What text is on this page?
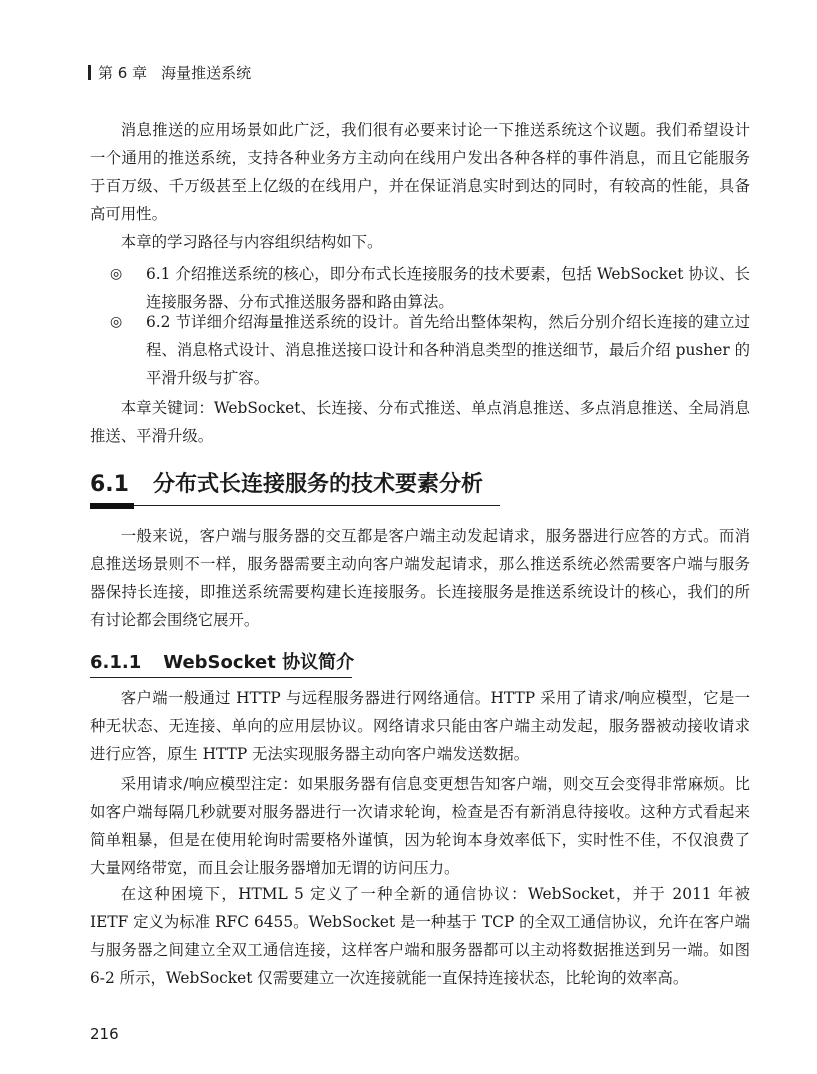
第 6 章 海量推送系统

消息推送的应用场景如此广泛，我们很有必要来讨论一下推送系统这个议题。我们希望设计一个通用的推送系统，支持各种业务方主动向在线用户发出各种各样的事件消息，而且它能服务于百万级、千万级甚至上亿级的在线用户，并在保证消息实时到达的同时，有较高的性能，具备高可用性。

本章的学习路径与内容组织结构如下。

◎ 6.1 介绍推送系统的核心，即分布式长连接服务的技术要素，包括 WebSocket 协议、长连接服务器、分布式推送服务器和路由算法。
◎ 6.2 节详细介绍海量推送系统的设计。首先给出整体架构，然后分别介绍长连接的建立过程、消息格式设计、消息推送接口设计和各种消息类型的推送细节，最后介绍 pusher 的平滑升级与扩容。

本章关键词：WebSocket、长连接、分布式推送、单点消息推送、多点消息推送、全局消息推送、平滑升级。

6.1 分布式长连接服务的技术要素分析

一般来说，客户端与服务器的交互都是客户端主动发起请求，服务器进行应答的方式。而消息推送场景则不一样，服务器需要主动向客户端发起请求，那么推送系统必然需要客户端与服务器保持长连接，即推送系统需要构建长连接服务。长连接服务是推送系统设计的核心，我们的所有讨论都会围绕它展开。

6.1.1 WebSocket 协议简介

客户端一般通过 HTTP 与远程服务器进行网络通信。HTTP 采用了请求/响应模型，它是一种无状态、无连接、单向的应用层协议。网络请求只能由客户端主动发起，服务器被动接收请求进行应答，原生 HTTP 无法实现服务器主动向客户端发送数据。

采用请求/响应模型注定：如果服务器有信息变更想告知客户端，则交互会变得非常麻烦。比如客户端每隔几秒就要对服务器进行一次请求轮询，检查是否有新消息待接收。这种方式看起来简单粗暴，但是在使用轮询时需要格外谨慎，因为轮询本身效率低下，实时性不佳，不仅浪费了大量网络带宽，而且会让服务器增加无谓的访问压力。

在这种困境下，HTML 5 定义了一种全新的通信协议：WebSocket，并于 2011 年被 IETF 定义为标准 RFC 6455。WebSocket 是一种基于 TCP 的全双工通信协议，允许在客户端与服务器之间建立全双工通信连接，这样客户端和服务器都可以主动将数据推送到另一端。如图 6-2 所示，WebSocket 仅需要建立一次连接就能一直保持连接状态，比轮询的效率高。

216
